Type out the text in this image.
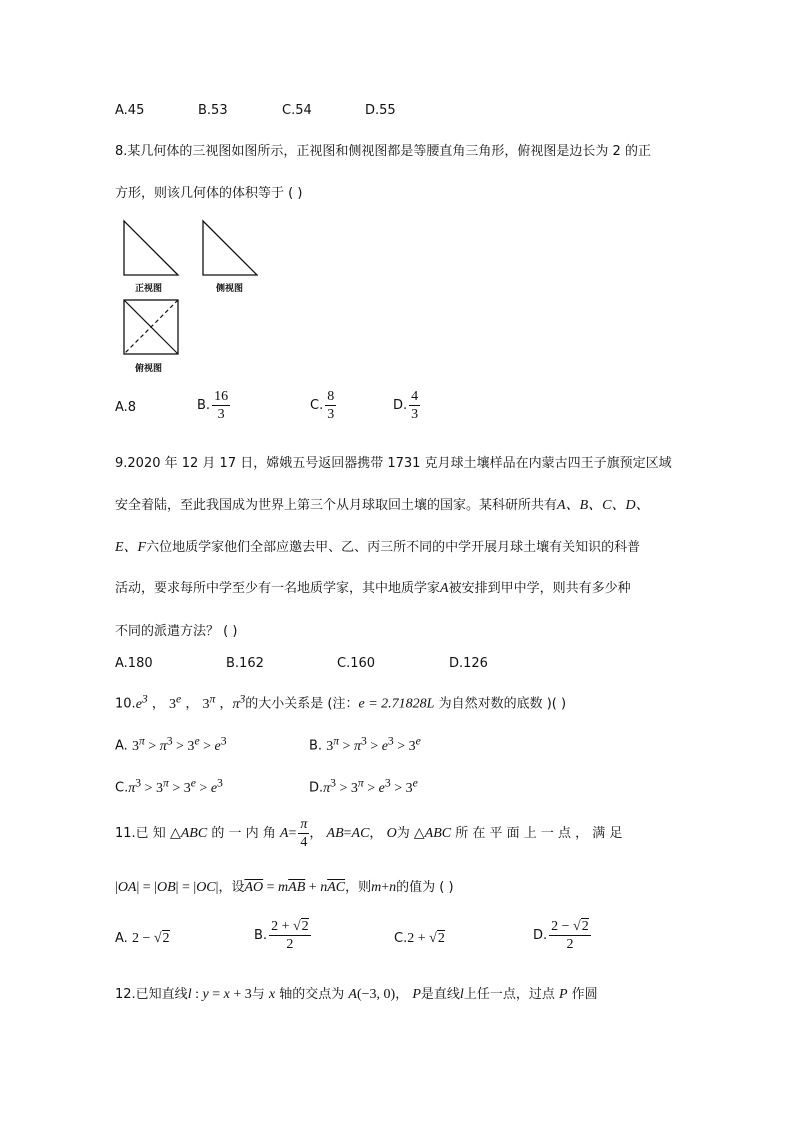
A.45	B.53	C.54	D.55
8.某几何体的三视图如图所示，正视图和侧视图都是等腰直角三角形，俯视图是边长为 2 的正
方形，则该几何体的体积等于 ( )
正视图	侧视图
俯视图
A.8	B. $\frac{16}{3}$	C. $\frac{8}{3}$	D. $\frac{4}{3}$
9.2020 年 12 月 17 日，嫦娥五号返回器携带 1731 克月球土壤样品在内蒙古四王子旗预定区域
安全着陆，至此我国成为世界上第三个从月球取回土壤的国家。某科研所共有A、B、C、D、
E、F六位地质学家他们全部应邀去甲、乙、丙三所不同的中学开展月球土壤有关知识的科普
活动，要求每所中学至少有一名地质学家，其中地质学家A被安排到甲中学，则共有多少种
不同的派遣方法？ ( )
A.180	B.162	C.160	D.126
$10.e^3$ ， 3e ， $3^\pi$ ，$\pi^3$的大小关系是 (注：e = 2.71828L 为自然对数的底数 )( )
A. $3^\pi > \pi^3 > 3^e > e^3$	B. $3^\pi > \pi^3 > e^3 > 3^e$
$C.\pi^3 > 3^\pi > 3^e > e^3$	$D.\pi^3 > 3^\pi > e^3 > 3^e$
11.已 知 △ABC 的 一 内 角 $A= \frac{\pi}{4}$ ， AB=AC， O为 △ABC 所 在 平 面 上 一 点 ， 满 足
|OA| = |OB| = |OC|，设$\overline{AO} = m\overline{AB} + n\overline{AC}$，则m+n的值为 ( )
A. 2 − √2	B. $\frac{2 + √2}{2}$	C.2 + √2	D. $\frac{2 - √2}{2}$
12.已知直线l : y = x + 3与 x 轴的交点为 A(−3, 0)， P是直线l上任一点，过点 P 作圆
